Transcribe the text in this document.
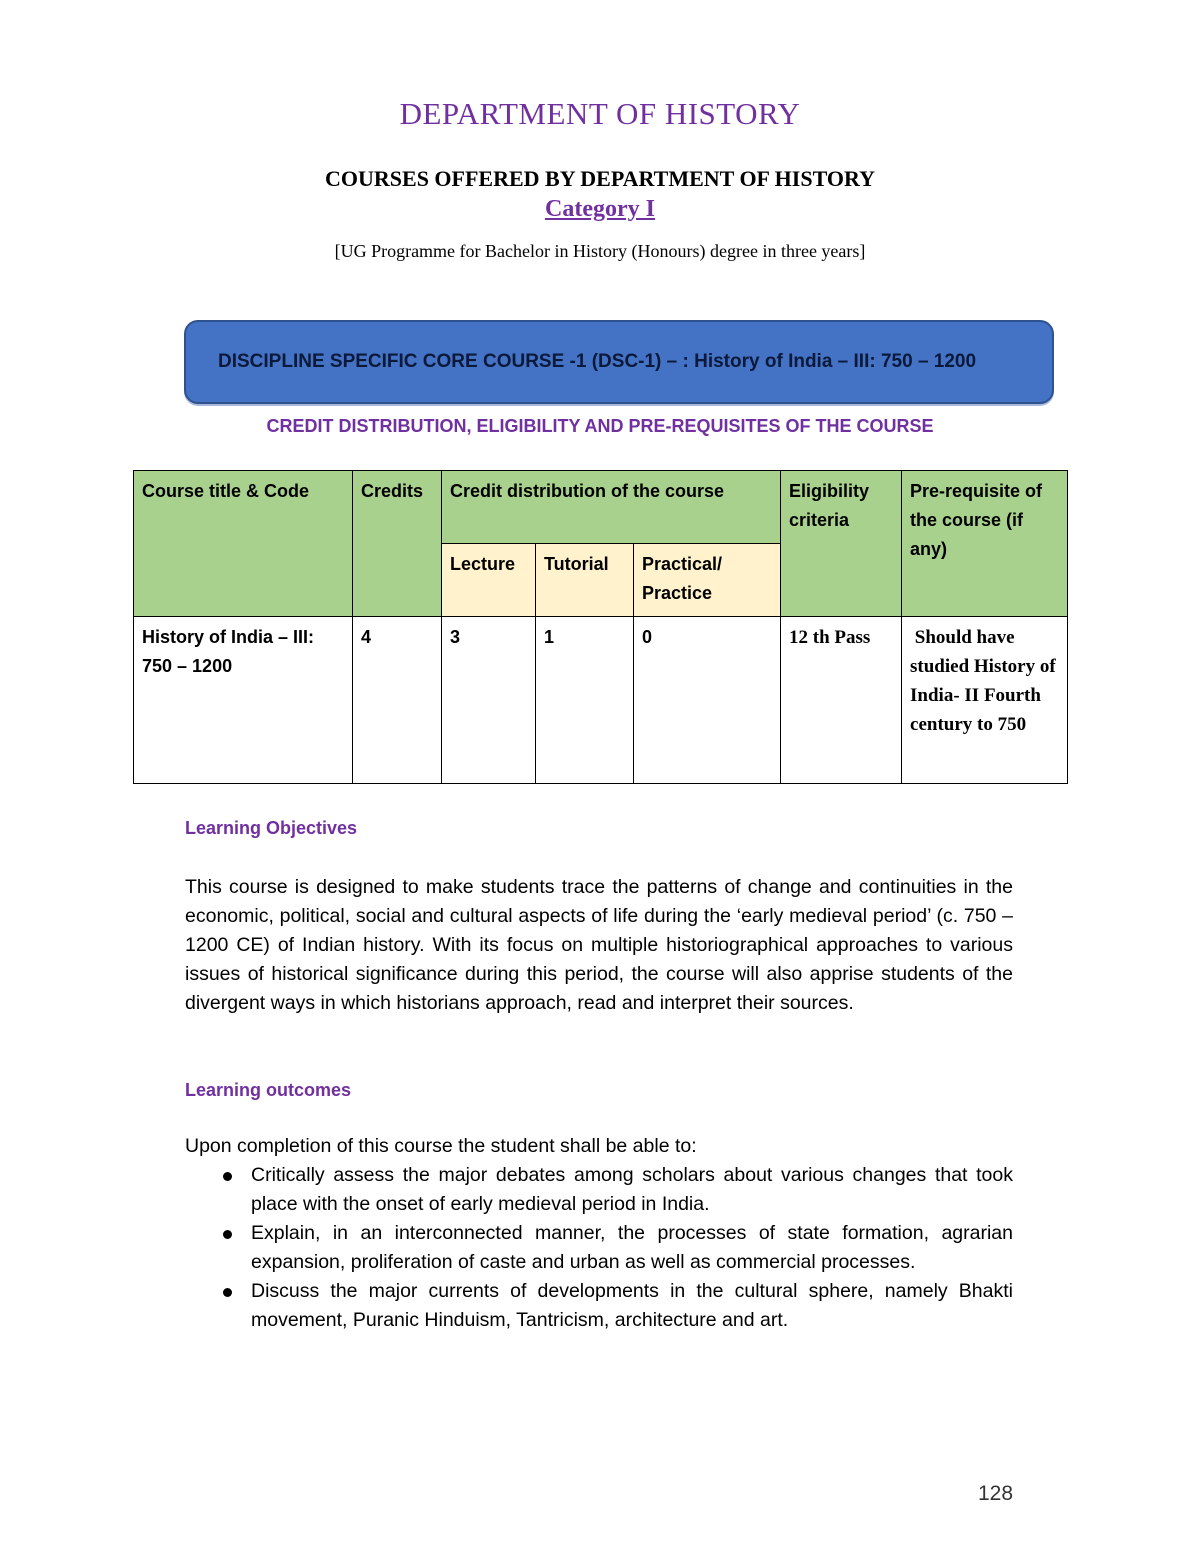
DEPARTMENT OF HISTORY
COURSES OFFERED BY DEPARTMENT OF HISTORY
Category I
[UG Programme for Bachelor in History (Honours) degree in three years]
DISCIPLINE SPECIFIC CORE COURSE -1 (DSC-1) – : History of India – III: 750 – 1200
CREDIT DISTRIBUTION, ELIGIBILITY AND PRE-REQUISITES OF THE COURSE
Course title & Code	Credits	Credit distribution of the course			Eligibility criteria	Pre-requisite of the course (if any)
		Lecture	Tutorial	Practical/ Practice		
History of India – III: 750 – 1200	4	3	1	0	12 th Pass	Should have studied History of India- II Fourth century to 750
Learning Objectives
This course is designed to make students trace the patterns of change and continuities in the economic, political, social and cultural aspects of life during the ‘early medieval period’ (c. 750 – 1200 CE) of Indian history. With its focus on multiple historiographical approaches to various issues of historical significance during this period, the course will also apprise students of the divergent ways in which historians approach, read and interpret their sources.
Learning outcomes
Upon completion of this course the student shall be able to:
Critically assess the major debates among scholars about various changes that took place with the onset of early medieval period in India.
Explain, in an interconnected manner, the processes of state formation, agrarian expansion, proliferation of caste and urban as well as commercial processes.
Discuss the major currents of developments in the cultural sphere, namely Bhakti movement, Puranic Hinduism, Tantricism, architecture and art.
128
